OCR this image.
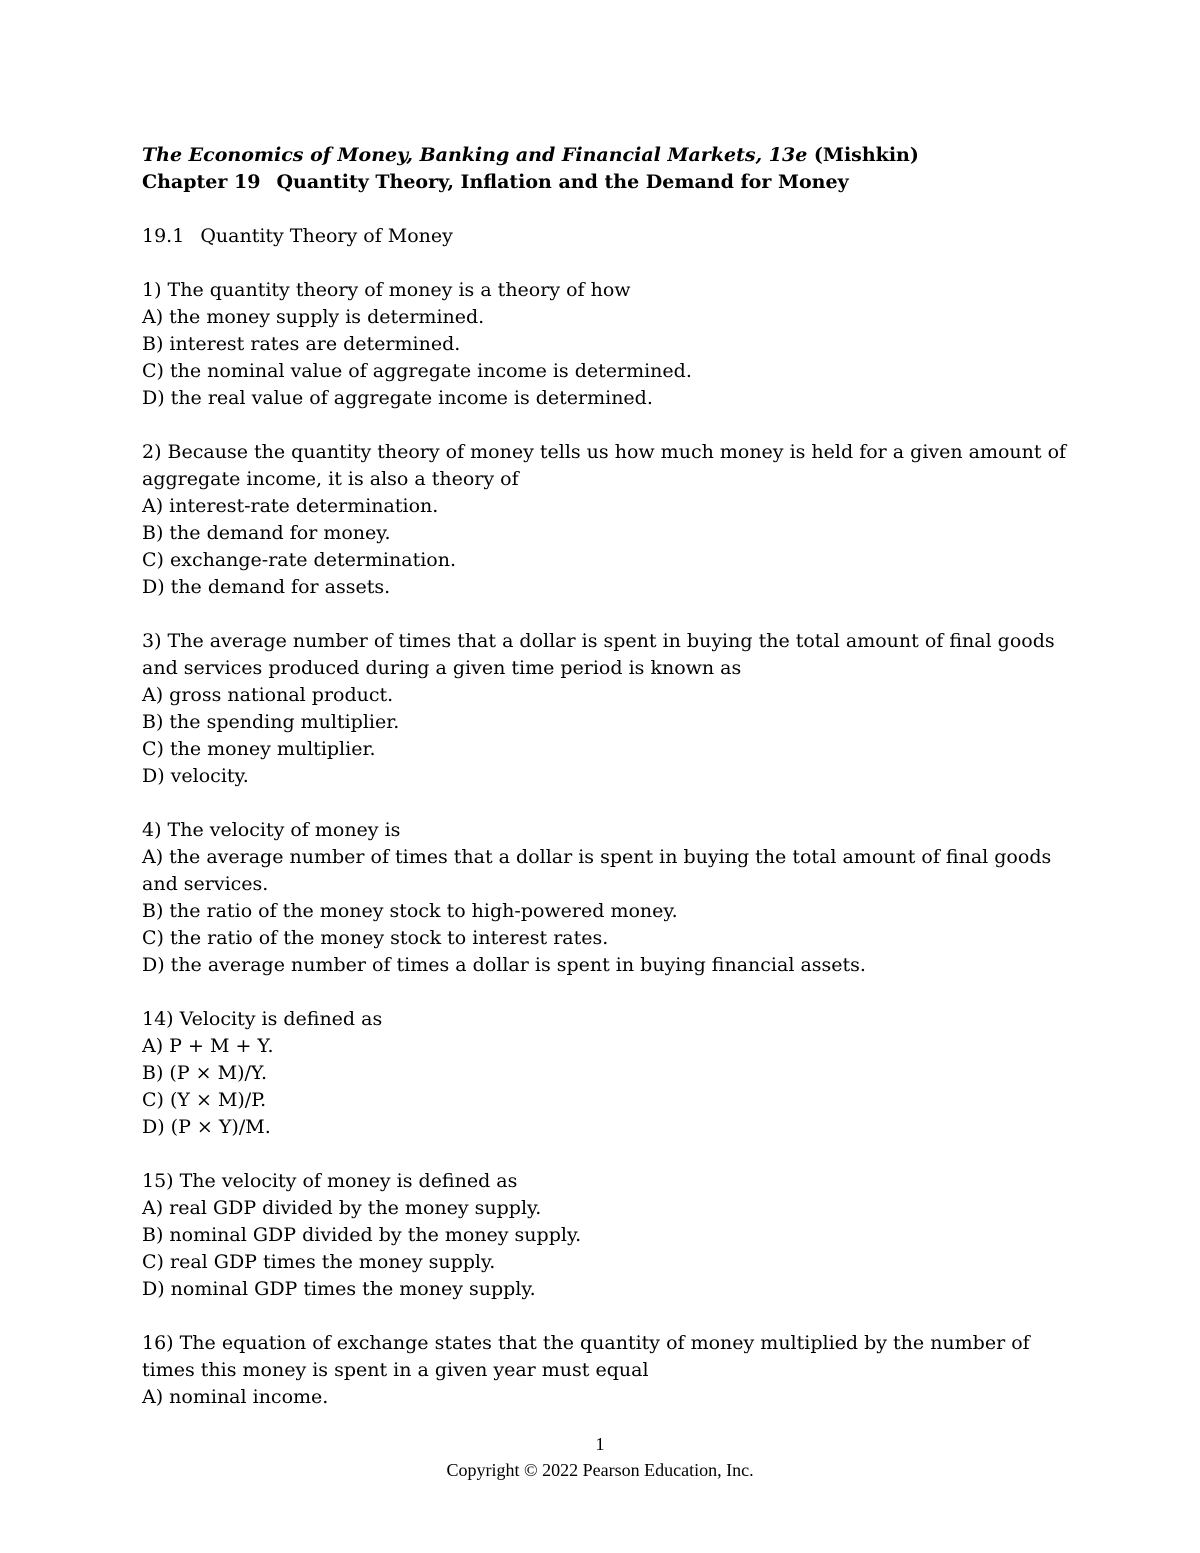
The Economics of Money, Banking and Financial Markets, 13e (Mishkin)
Chapter 19 Quantity Theory, Inflation and the Demand for Money
19.1 Quantity Theory of Money
1) The quantity theory of money is a theory of how
A) the money supply is determined.
B) interest rates are determined.
C) the nominal value of aggregate income is determined.
D) the real value of aggregate income is determined.
2) Because the quantity theory of money tells us how much money is held for a given amount of aggregate income, it is also a theory of
A) interest-rate determination.
B) the demand for money.
C) exchange-rate determination.
D) the demand for assets.
3) The average number of times that a dollar is spent in buying the total amount of final goods and services produced during a given time period is known as
A) gross national product.
B) the spending multiplier.
C) the money multiplier.
D) velocity.
4) The velocity of money is
A) the average number of times that a dollar is spent in buying the total amount of final goods and services.
B) the ratio of the money stock to high-powered money.
C) the ratio of the money stock to interest rates.
D) the average number of times a dollar is spent in buying financial assets.
14) Velocity is defined as
A) P + M + Y.
B) (P × M)/Y.
C) (Y × M)/P.
D) (P × Y)/M.
15) The velocity of money is defined as
A) real GDP divided by the money supply.
B) nominal GDP divided by the money supply.
C) real GDP times the money supply.
D) nominal GDP times the money supply.
16) The equation of exchange states that the quantity of money multiplied by the number of times this money is spent in a given year must equal
A) nominal income.
1
Copyright © 2022 Pearson Education, Inc.
